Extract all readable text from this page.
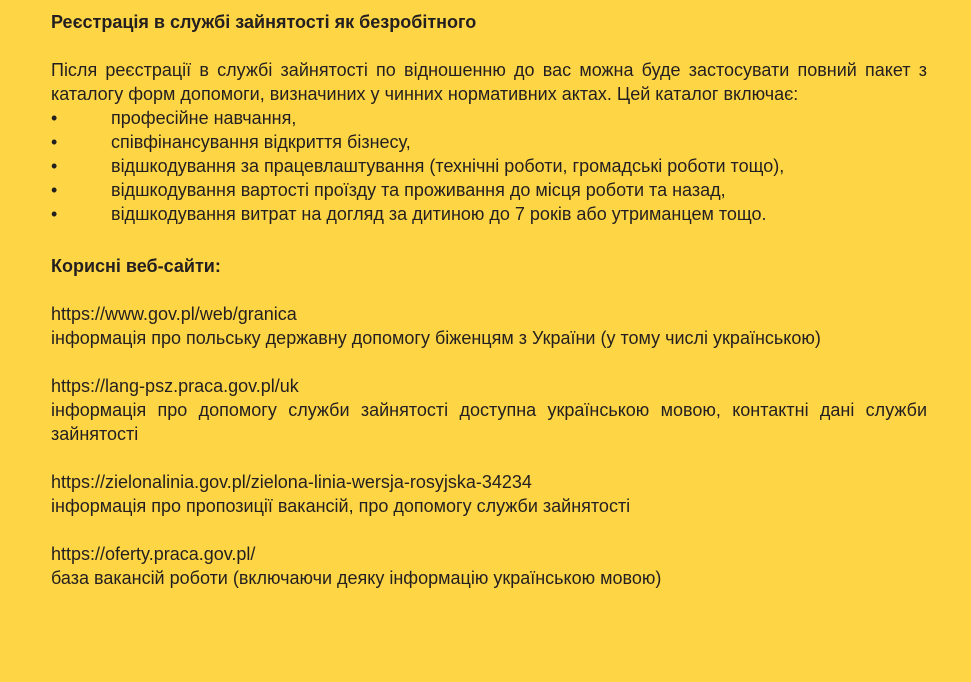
Реєстрація в службі зайнятості як безробітного

Після реєстрації в службі зайнятості по відношенню до вас можна буде застосувати повний пакет з каталогу форм допомоги, визначиних у чинних нормативних актах. Цей каталог включає:

•	професійне навчання,
•	співфінансування відкриття бізнесу,
•	відшкодування за працевлаштування (технічні роботи, громадські роботи тощо),
•	відшкодування вартості проїзду та проживання до місця роботи та назад,
•	відшкодування витрат на догляд за дитиною до 7 років або утриманцем тощо.

Корисні веб-сайти:

https://www.gov.pl/web/granica
інформація про польську державну допомогу біженцям з України (у тому числі українською)
https://lang-psz.praca.gov.pl/uk
інформація про допомогу служби зайнятості доступна українською мовою, контактні дані служби зайнятості
https://zielonalinia.gov.pl/zielona-linia-wersja-rosyjska-34234
інформація про пропозиції вакансій, про допомогу служби зайнятості
https://oferty.praca.gov.pl/
база вакансій роботи (включаючи деяку інформацію українською мовою)
